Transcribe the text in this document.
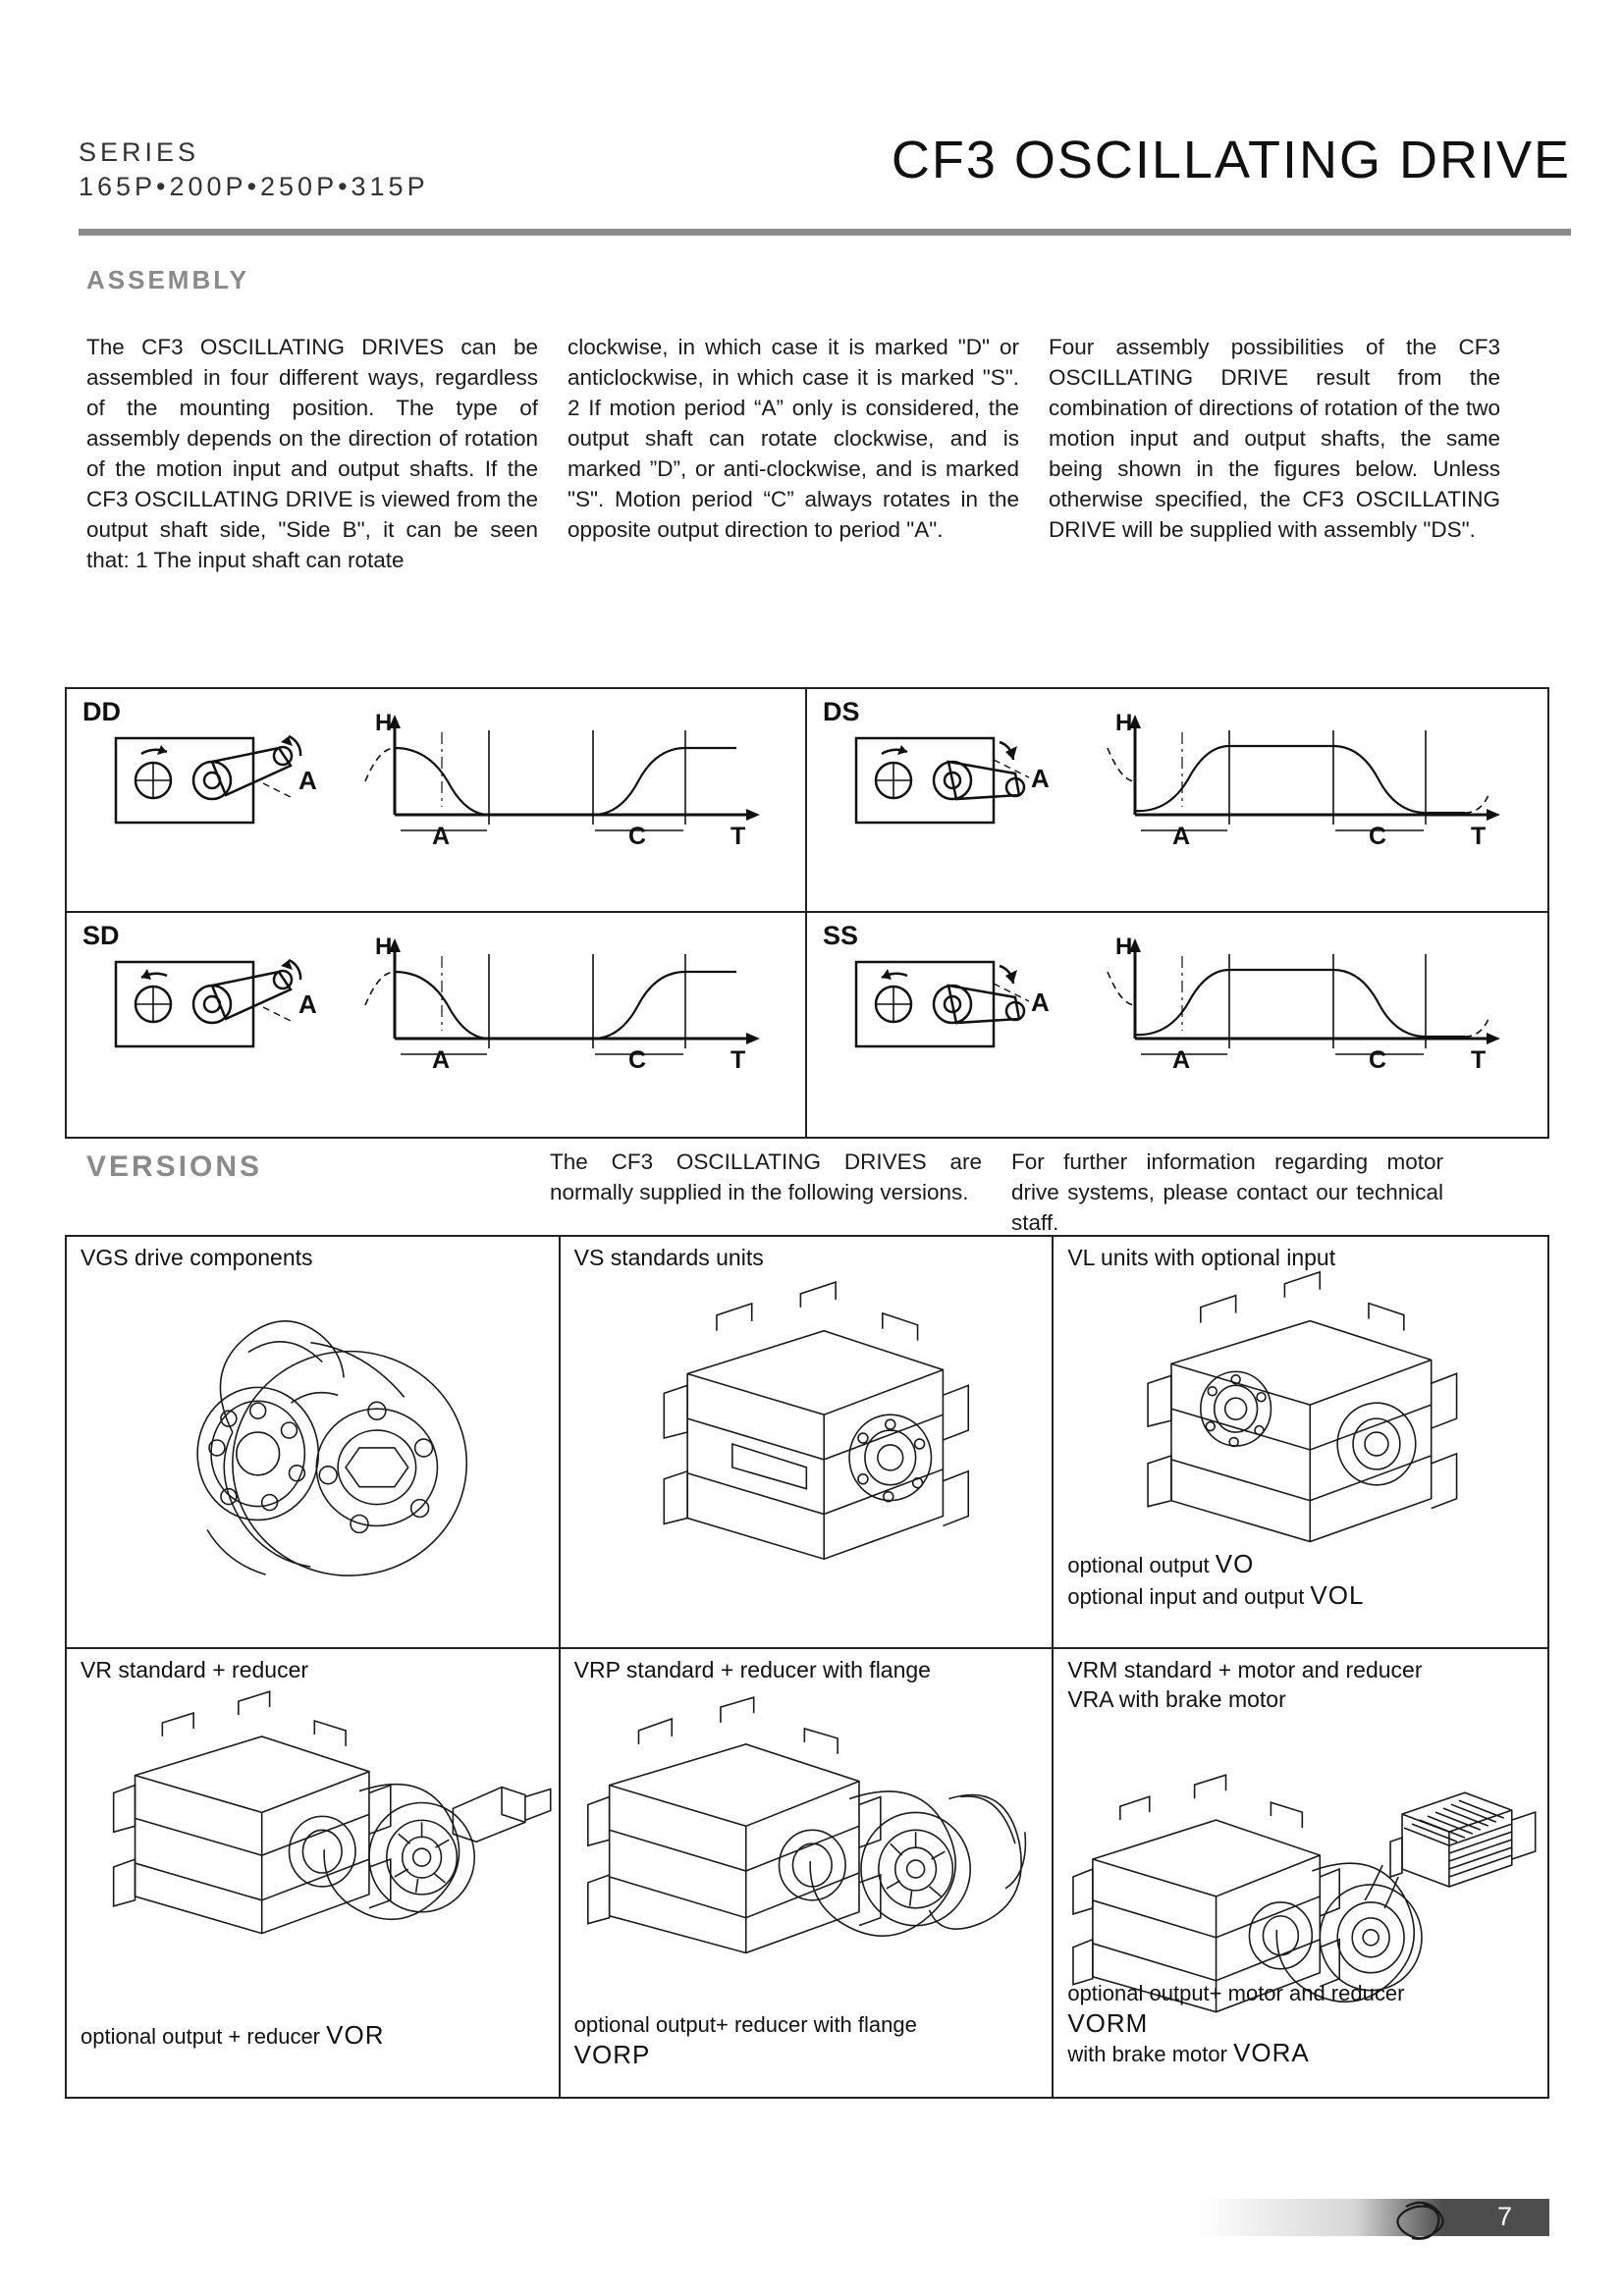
SERIES
165P•200P•250P•315P	CF3 OSCILLATING DRIVE
ASSEMBLY

The CF3 OSCILLATING DRIVES can be assembled in four different ways, regardless of the mounting position. The type of assembly depends on the direction of rotation of the motion input and output shafts. If the CF3 OSCILLATING DRIVE is viewed from the output shaft side, "Side B", it can be seen that: 1 The input shaft can rotate

clockwise, in which case it is marked "D" or anticlockwise, in which case it is marked "S". 2 If motion period “A” only is considered, the output shaft can rotate clockwise, and is marked ”D”, or anti-clockwise, and is marked "S". Motion period “C” always rotates in the opposite output direction to period "A".

Four assembly possibilities of the CF3 OSCILLATING DRIVE result from the combination of directions of rotation of the two motion input and output shafts, the same being shown in the figures below. Unless otherwise specified, the CF3 OSCILLATING DRIVE will be supplied with assembly "DS".

DD
A
H
A	C	T
DS
A
H
A	C	T
SD
A
H
A	C	T
SS
A
H
A	C	T
VERSIONS	The CF3 OSCILLATING DRIVES are normally supplied in the following versions.

For further information regarding motor drive systems, please contact our technical staff.

VGS drive components	VS standards units	VL units with optional input
optional output VO
optional input and output VOL
VR standard + reducer
optional output + reducer VOR
VRP standard + reducer with flange
optional output+ reducer with flange
VORP
VRM standard + motor and reducer
VRA with brake motor
optional output+ motor and reducer
VORM
with brake motor VORA
7
